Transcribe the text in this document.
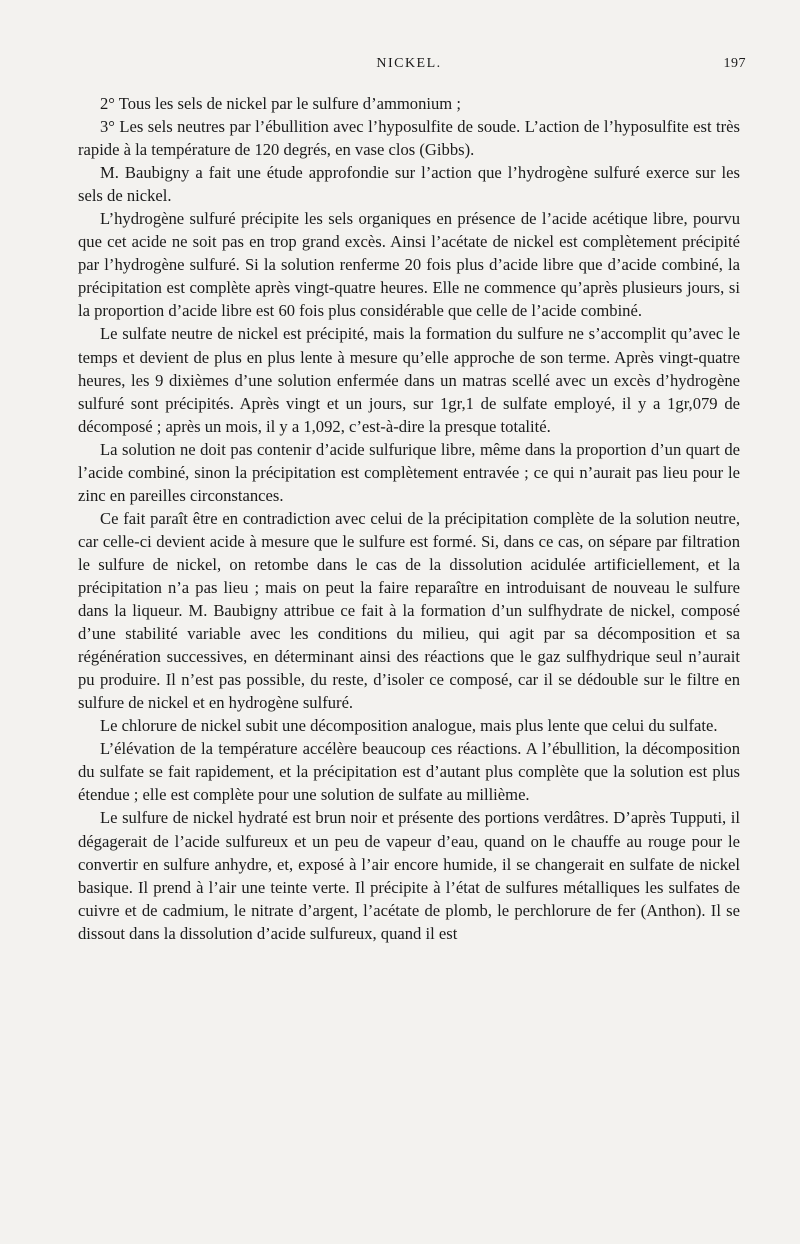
NICKEL.	197

2° Tous les sels de nickel par le sulfure d’ammonium ;

3° Les sels neutres par l’ébullition avec l’hyposulfite de soude. L’action de l’hyposulfite est très rapide à la température de 120 degrés, en vase clos (Gibbs).

M. Baubigny a fait une étude approfondie sur l’action que l’hydrogène sulfuré exerce sur les sels de nickel.

L’hydrogène sulfuré précipite les sels organiques en présence de l’acide acétique libre, pourvu que cet acide ne soit pas en trop grand excès. Ainsi l’acétate de nickel est complètement précipité par l’hydrogène sulfuré. Si la solution renferme 20 fois plus d’acide libre que d’acide combiné, la précipitation est complète après vingt-quatre heures. Elle ne commence qu’après plusieurs jours, si la proportion d’acide libre est 60 fois plus considérable que celle de l’acide combiné.

Le sulfate neutre de nickel est précipité, mais la formation du sulfure ne s’accomplit qu’avec le temps et devient de plus en plus lente à mesure qu’elle approche de son terme. Après vingt-quatre heures, les 9 dixièmes d’une solution enfermée dans un matras scellé avec un excès d’hydrogène sulfuré sont précipités. Après vingt et un jours, sur 1gr,1 de sulfate employé, il y a 1gr,079 de décomposé ; après un mois, il y a 1,092, c’est-à-dire la presque totalité.

La solution ne doit pas contenir d’acide sulfurique libre, même dans la proportion d’un quart de l’acide combiné, sinon la précipitation est complètement entravée ; ce qui n’aurait pas lieu pour le zinc en pareilles circonstances.

Ce fait paraît être en contradiction avec celui de la précipitation complète de la solution neutre, car celle-ci devient acide à mesure que le sulfure est formé. Si, dans ce cas, on sépare par filtration le sulfure de nickel, on retombe dans le cas de la dissolution acidulée artificiellement, et la précipitation n’a pas lieu ; mais on peut la faire reparaître en introduisant de nouveau le sulfure dans la liqueur. M. Baubigny attribue ce fait à la formation d’un sulfhydrate de nickel, composé d’une stabilité variable avec les conditions du milieu, qui agit par sa décomposition et sa régénération successives, en déterminant ainsi des réactions que le gaz sulfhydrique seul n’aurait pu produire. Il n’est pas possible, du reste, d’isoler ce composé, car il se dédouble sur le filtre en sulfure de nickel et en hydrogène sulfuré.

Le chlorure de nickel subit une décomposition analogue, mais plus lente que celui du sulfate.

L’élévation de la température accélère beaucoup ces réactions. A l’ébullition, la décomposition du sulfate se fait rapidement, et la précipitation est d’autant plus complète que la solution est plus étendue ; elle est complète pour une solution de sulfate au millième.

Le sulfure de nickel hydraté est brun noir et présente des portions verdâtres. D’après Tupputi, il dégagerait de l’acide sulfureux et un peu de vapeur d’eau, quand on le chauffe au rouge pour le convertir en sulfure anhydre, et, exposé à l’air encore humide, il se changerait en sulfate de nickel basique. Il prend à l’air une teinte verte. Il précipite à l’état de sulfures métalliques les sulfates de cuivre et de cadmium, le nitrate d’argent, l’acétate de plomb, le perchlorure de fer (Anthon). Il se dissout dans la dissolution d’acide sulfureux, quand il est
